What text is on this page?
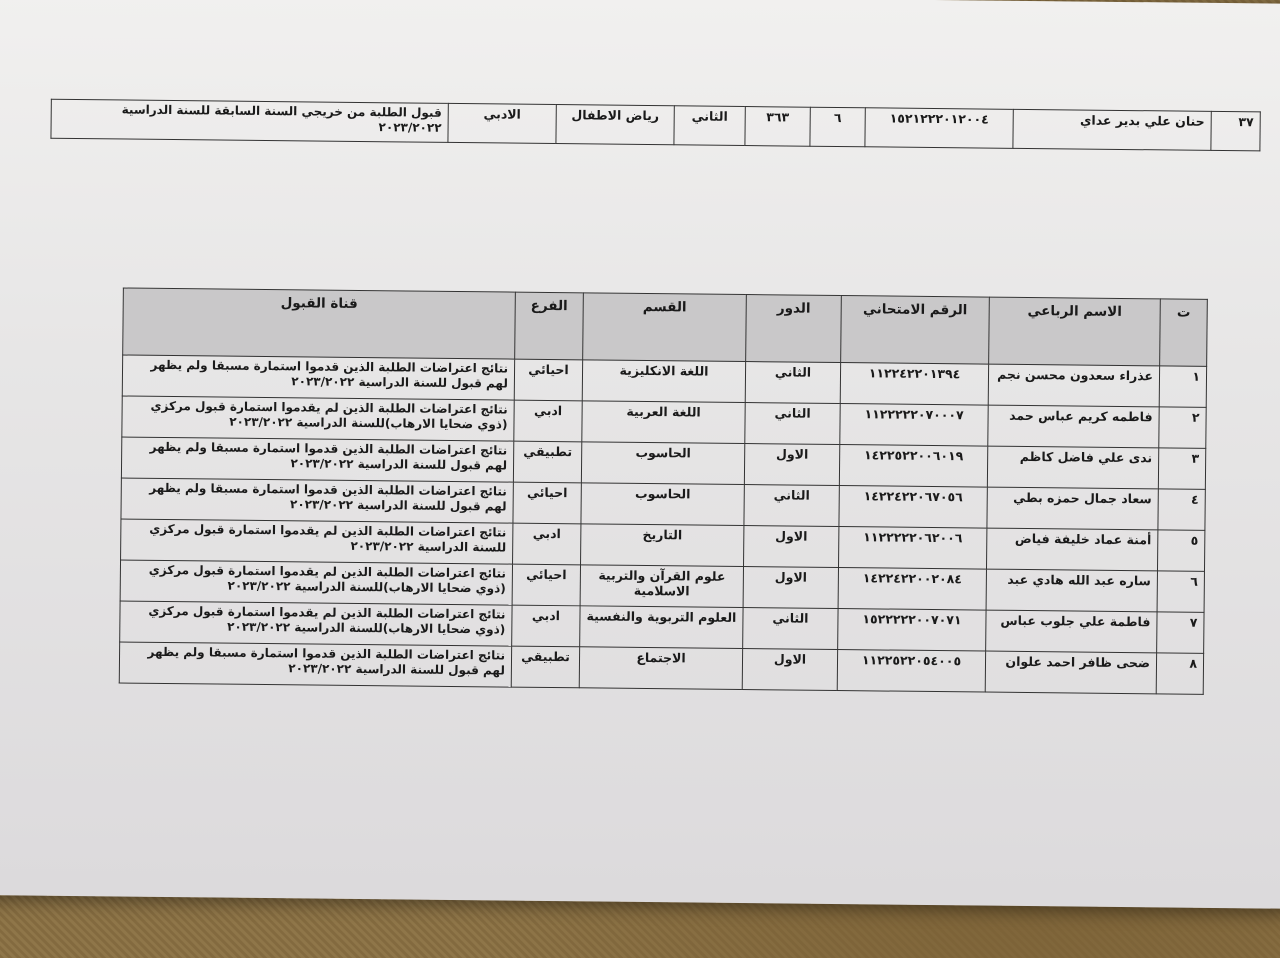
٣٧	حنان علي بدير عداي	١٥٢١٢٢٢٠١٢٠٠٤	٦	٣٦٣	الثاني	رياض الاطفال	الادبي	قبول الطلبة من خريجي السنة السابقة للسنة الدراسية ٢٠٢٣/٢٠٢٢
ت	الاسم الرباعي	الرقم الامتحاني	الدور	القسم	الفرع	قناة القبول
١	عذراء سعدون محسن نجم	١١٢٢٤٢٢٠١٣٩٤	الثاني	اللغة الانكليزية	احيائي	نتائج اعتراضات الطلبة الذين قدموا استمارة مسبقا ولم يظهر لهم قبول للسنة الدراسية ٢٠٢٣/٢٠٢٢
٢	فاطمه كريم عباس حمد	١١٢٢٢٢٢٠٧٠٠٠٧	الثاني	اللغة العربية	ادبي	نتائج اعتراضات الطلبة الذين لم يقدموا استمارة قبول مركزي (ذوي ضحايا الارهاب)للسنة الدراسية ٢٠٢٣/٢٠٢٢
٣	ندى علي فاضل كاظم	١٤٢٢٥٢٢٠٠٦٠١٩	الاول	الحاسوب	تطبيقي	نتائج اعتراضات الطلبة الذين قدموا استمارة مسبقا ولم يظهر لهم قبول للسنة الدراسية ٢٠٢٣/٢٠٢٢
٤	سعاد جمال حمزه بطي	١٤٢٢٤٢٢٠٦٧٠٥٦	الثاني	الحاسوب	احيائي	نتائج اعتراضات الطلبة الذين قدموا استمارة مسبقا ولم يظهر لهم قبول للسنة الدراسية ٢٠٢٣/٢٠٢٢
٥	أمنة عماد خليفة فياض	١١٢٢٢٢٢٠٦٢٠٠٦	الاول	التاريخ	ادبي	نتائج اعتراضات الطلبة الذين لم يقدموا استمارة قبول مركزي للسنة الدراسية ٢٠٢٣/٢٠٢٢
٦	ساره عبد الله هادي عبد	١٤٢٢٤٢٢٠٠٢٠٨٤	الاول	علوم القرآن والتربية الاسلامية	احيائي	نتائج اعتراضات الطلبة الذين لم يقدموا استمارة قبول مركزي (ذوي ضحايا الارهاب)للسنة الدراسية ٢٠٢٣/٢٠٢٢
٧	فاطمة علي جلوب عباس	١٥٢٢٢٢٢٠٠٧٠٧١	الثاني	العلوم التربوية والنفسية	ادبي	نتائج اعتراضات الطلبة الذين لم يقدموا استمارة قبول مركزي (ذوي ضحايا الارهاب)للسنة الدراسية ٢٠٢٣/٢٠٢٢
٨	ضحى ظافر احمد علوان	١١٢٢٥٢٢٠٥٤٠٠٥	الاول	الاجتماع	تطبيقي	نتائج اعتراضات الطلبة الذين قدموا استمارة مسبقا ولم يظهر لهم قبول للسنة الدراسية ٢٠٢٣/٢٠٢٢
